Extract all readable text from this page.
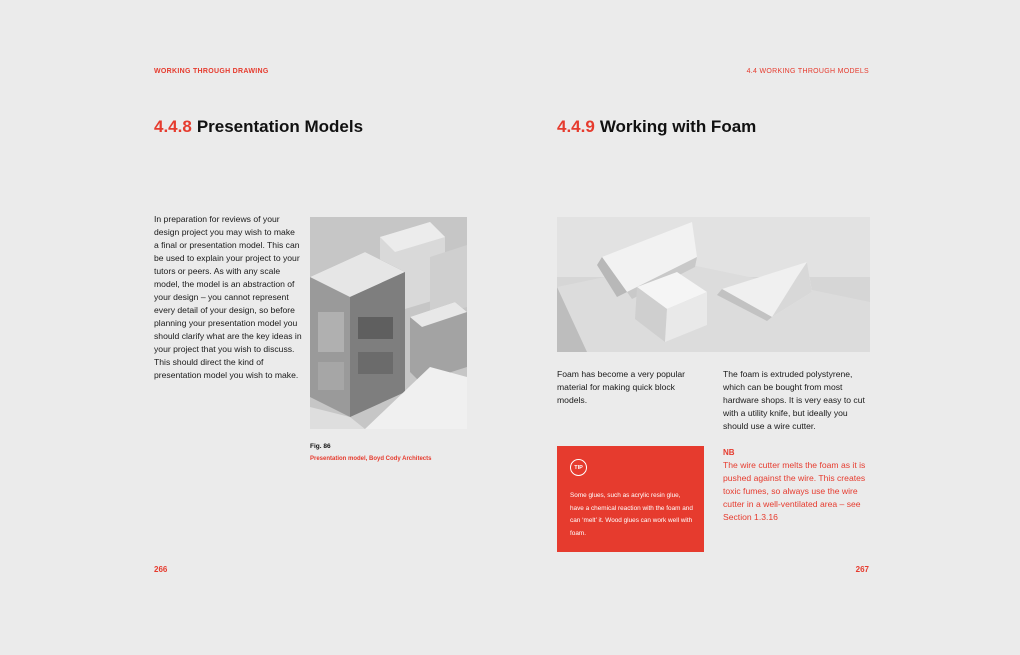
WORKING THROUGH DRAWING
4.4.8 Presentation Models

In preparation for reviews of your design project you may wish to make a final or presentation model. This can be used to explain your project to your tutors or peers. As with any scale model, the model is an abstraction of your design – you cannot represent every detail of your design, so before planning your presentation model you should clarify what are the key ideas in your project that you wish to discuss. This should direct the kind of presentation model you wish to make.

Fig. 86
Presentation model, Boyd Cody Architects
266
4.4 WORKING THROUGH MODELS
4.4.9 Working with Foam

Foam has become a very popular material for making quick block models.

The foam is extruded polystyrene, which can be bought from most hardware shops. It is very easy to cut with a utility knife, but ideally you should use a wire cutter.

TIP
Some glues, such as acrylic resin glue, have a chemical reaction with the foam and can ‘melt’ it. Wood glues can work well with foam.
NB
The wire cutter melts the foam as it is pushed against the wire. This creates toxic fumes, so always use the wire cutter in a well-ventilated area – see Section 1.3.16
267
